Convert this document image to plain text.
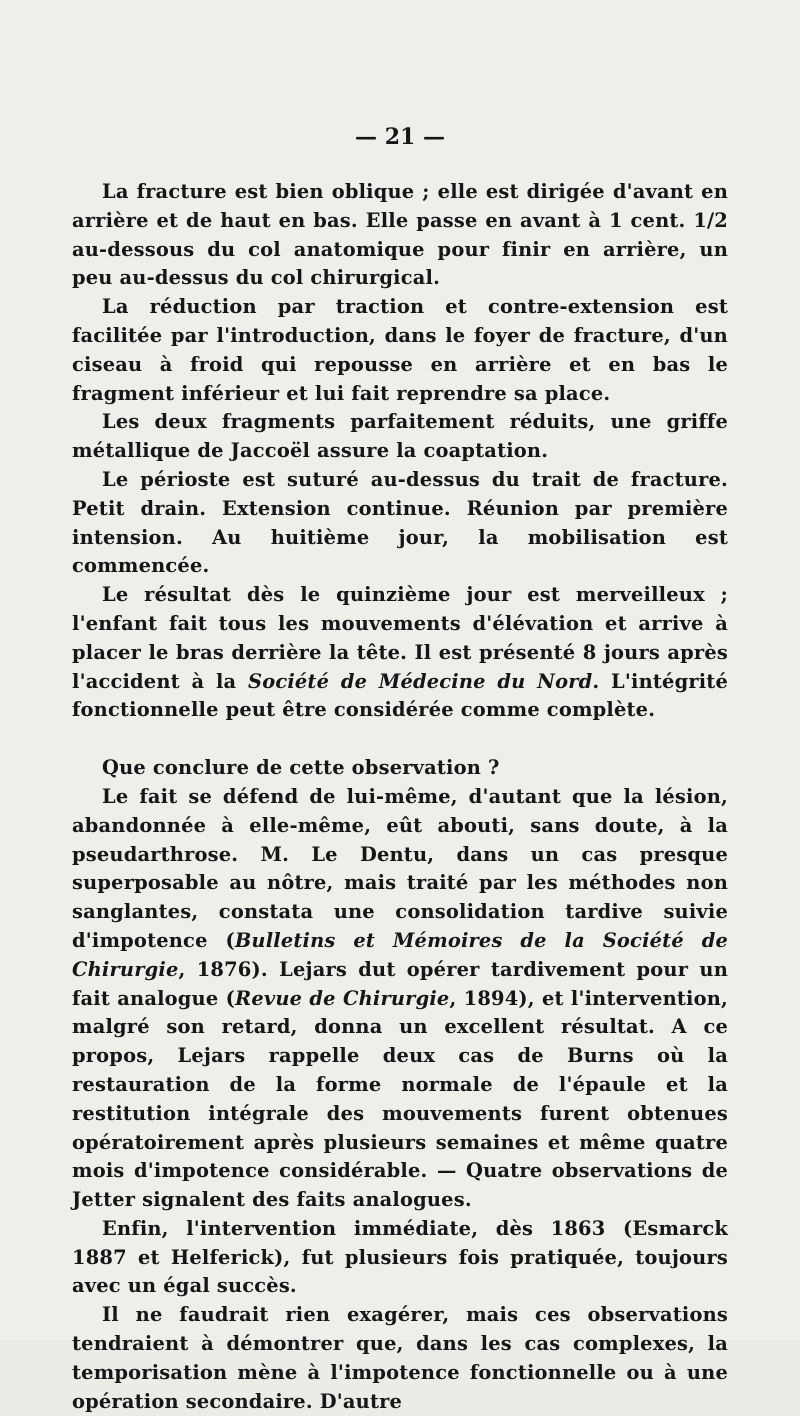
— 21 —

La fracture est bien oblique ; elle est dirigée d'avant en arrière et de haut en bas. Elle passe en avant à 1 cent. 1/2 au-dessous du col anatomique pour finir en arrière, un peu au-dessus du col chirurgical.

La réduction par traction et contre-extension est facilitée par l'introduction, dans le foyer de fracture, d'un ciseau à froid qui repousse en arrière et en bas le fragment inférieur et lui fait reprendre sa place.

Les deux fragments parfaitement réduits, une griffe métallique de Jaccoël assure la coaptation.

Le périoste est suturé au-dessus du trait de fracture. Petit drain. Extension continue. Réunion par première intension. Au huitième jour, la mobilisation est commencée.

Le résultat dès le quinzième jour est merveilleux ; l'enfant fait tous les mouvements d'élévation et arrive à placer le bras derrière la tête. Il est présenté 8 jours après l'accident à la Société de Médecine du Nord. L'intégrité fonctionnelle peut être considérée comme complète.

Que conclure de cette observation ?

Le fait se défend de lui-même, d'autant que la lésion, abandonnée à elle-même, eût abouti, sans doute, à la pseudarthrose. M. Le Dentu, dans un cas presque superposable au nôtre, mais traité par les méthodes non sanglantes, constata une consolidation tardive suivie d'impotence (Bulletins et Mémoires de la Société de Chirurgie, 1876). Lejars dut opérer tardivement pour un fait analogue (Revue de Chirurgie, 1894), et l'intervention, malgré son retard, donna un excellent résultat. A ce propos, Lejars rappelle deux cas de Burns où la restauration de la forme normale de l'épaule et la restitution intégrale des mouvements furent obtenues opératoirement après plusieurs semaines et même quatre mois d'impotence considérable. — Quatre observations de Jetter signalent des faits analogues.

Enfin, l'intervention immédiate, dès 1863 (Esmarck 1887 et Helferick), fut plusieurs fois pratiquée, toujours avec un égal succès.

Il ne faudrait rien exagérer, mais ces observations tendraient à démontrer que, dans les cas complexes, la temporisation mène à l'impotence fonctionnelle ou à une opération secondaire. D'autre
